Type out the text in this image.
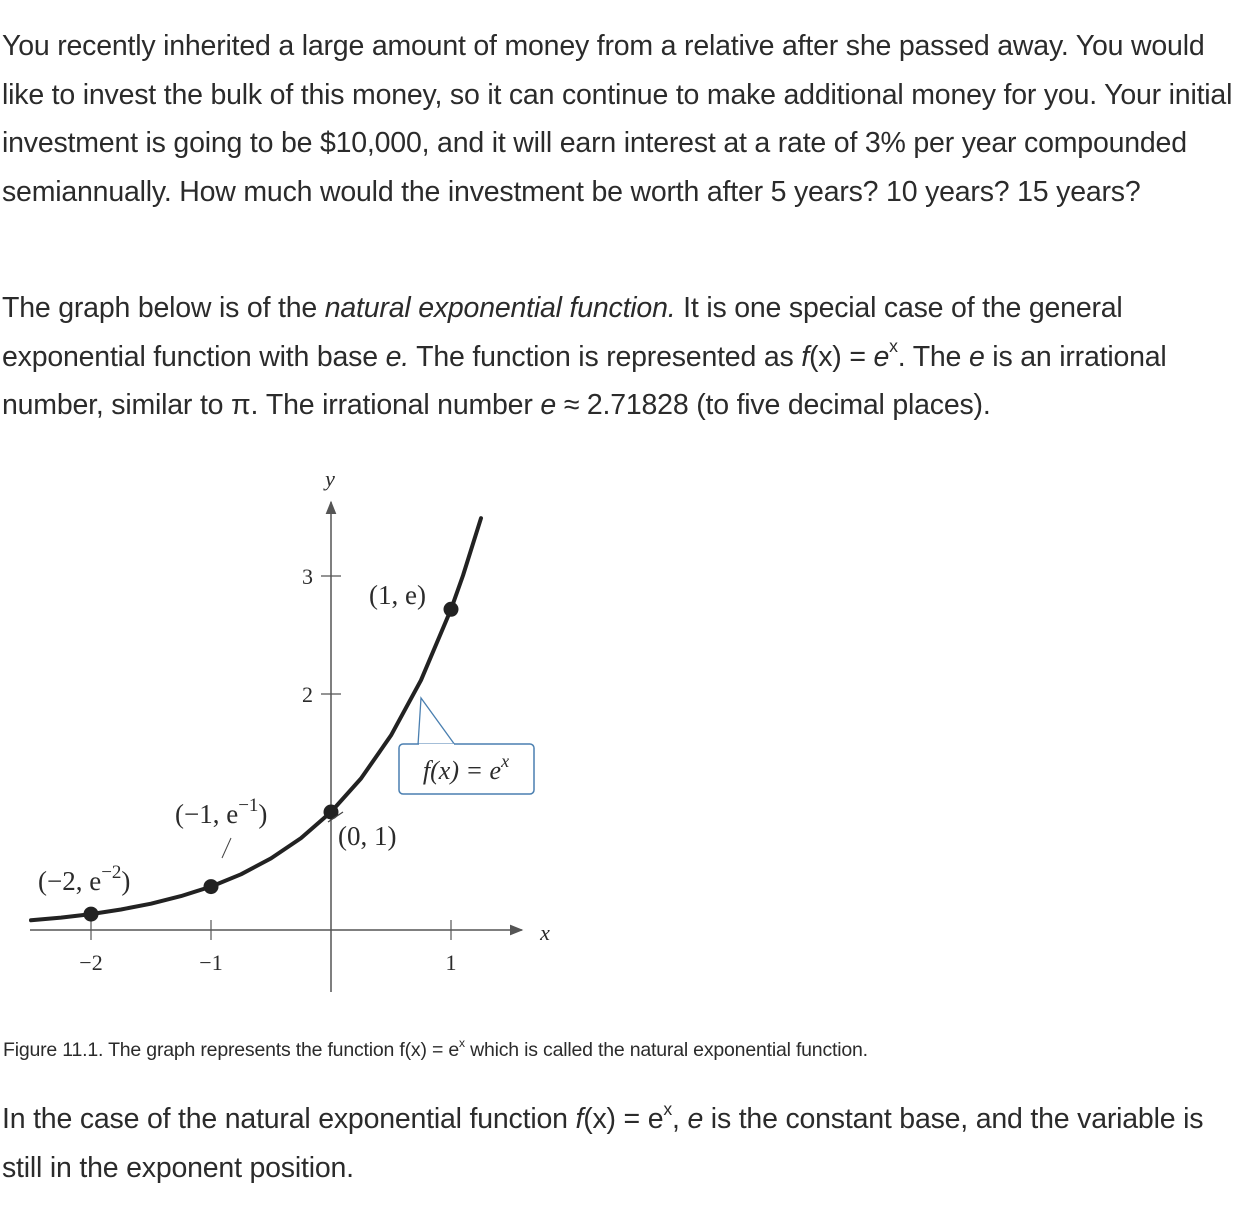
You recently inherited a large amount of money from a relative after she passed away. You would like to invest the bulk of this money, so it can continue to make additional money for you. Your initial investment is going to be $10,000, and it will earn interest at a rate of 3% per year compounded semiannually. How much would the investment be worth after 5 years? 10 years? 15 years?

The graph below is of the natural exponential function. It is one special case of the general exponential function with base e. The function is represented as $f(x) = e^x$. The e is an irrational number, similar to π. The irrational number e ≈ 2.71828 (to five decimal places).

x
y
−2	−1	1
2
3
(−2, $e^{-2}$)
(−1, $e^{-1}$)
(0, 1)
(1, e)
$f(x) = e^x$

Figure 11.1. The graph represents the function $f(x) = e^x$ which is called the natural exponential function.

In the case of the natural exponential function $f(x) = e^x$, e is the constant base, and the variable is still in the exponent position.
